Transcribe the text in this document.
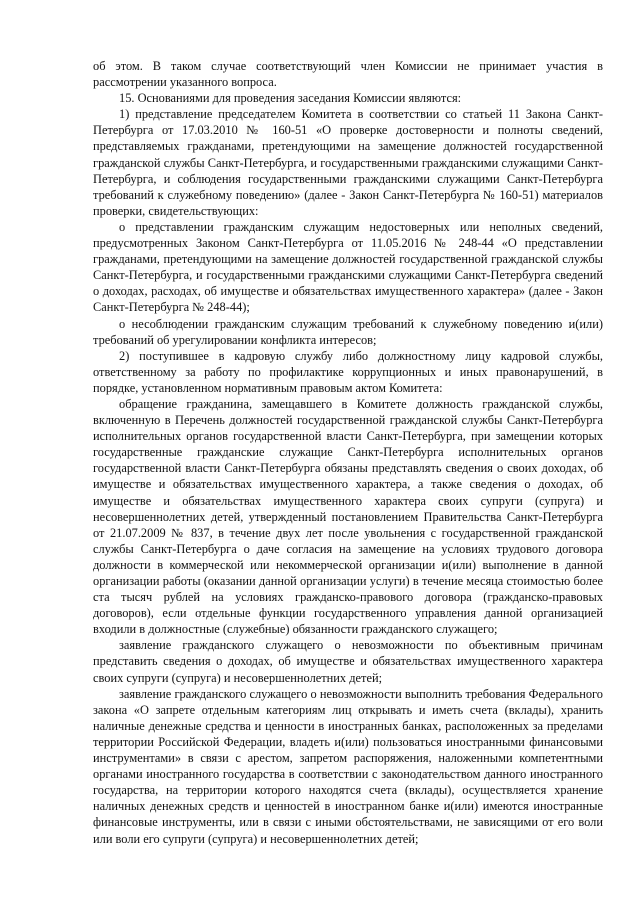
об этом. В таком случае соответствующий член Комиссии не принимает участия в рассмотрении указанного вопроса.

15. Основаниями для проведения заседания Комиссии являются:

1) представление председателем Комитета в соответствии со статьей 11 Закона Санкт-Петербурга от 17.03.2010 № 160-51 «О проверке достоверности и полноты сведений, представляемых гражданами, претендующими на замещение должностей государственной гражданской службы Санкт-Петербурга, и государственными гражданскими служащими Санкт-Петербурга, и соблюдения государственными гражданскими служащими Санкт-Петербурга требований к служебному поведению» (далее - Закон Санкт-Петербурга № 160-51) материалов проверки, свидетельствующих:

о представлении гражданским служащим недостоверных или неполных сведений, предусмотренных Законом Санкт-Петербурга от 11.05.2016 № 248-44 «О представлении гражданами, претендующими на замещение должностей государственной гражданской службы Санкт-Петербурга, и государственными гражданскими служащими Санкт-Петербурга сведений о доходах, расходах, об имуществе и обязательствах имущественного характера» (далее - Закон Санкт-Петербурга № 248-44);

о несоблюдении гражданским служащим требований к служебному поведению и(или) требований об урегулировании конфликта интересов;

2) поступившее в кадровую службу либо должностному лицу кадровой службы, ответственному за работу по профилактике коррупционных и иных правонарушений, в порядке, установленном нормативным правовым актом Комитета:

обращение гражданина, замещавшего в Комитете должность гражданской службы, включенную в Перечень должностей государственной гражданской службы Санкт-Петербурга исполнительных органов государственной власти Санкт-Петербурга, при замещении которых государственные гражданские служащие Санкт-Петербурга исполнительных органов государственной власти Санкт-Петербурга обязаны представлять сведения о своих доходах, об имуществе и обязательствах имущественного характера, а также сведения о доходах, об имуществе и обязательствах имущественного характера своих супруги (супруга) и несовершеннолетних детей, утвержденный постановлением Правительства Санкт-Петербурга от 21.07.2009 № 837, в течение двух лет после увольнения с государственной гражданской службы Санкт-Петербурга о даче согласия на замещение на условиях трудового договора должности в коммерческой или некоммерческой организации и(или) выполнение в данной организации работы (оказании данной организации услуги) в течение месяца стоимостью более ста тысяч рублей на условиях гражданско-правового договора (гражданско-правовых договоров), если отдельные функции государственного управления данной организацией входили в должностные (служебные) обязанности гражданского служащего;

заявление гражданского служащего о невозможности по объективным причинам представить сведения о доходах, об имуществе и обязательствах имущественного характера своих супруги (супруга) и несовершеннолетних детей;

заявление гражданского служащего о невозможности выполнить требования Федерального закона «О запрете отдельным категориям лиц открывать и иметь счета (вклады), хранить наличные денежные средства и ценности в иностранных банках, расположенных за пределами территории Российской Федерации, владеть и(или) пользоваться иностранными финансовыми инструментами» в связи с арестом, запретом распоряжения, наложенными компетентными органами иностранного государства в соответствии с законодательством данного иностранного государства, на территории которого находятся счета (вклады), осуществляется хранение наличных денежных средств и ценностей в иностранном банке и(или) имеются иностранные финансовые инструменты, или в связи с иными обстоятельствами, не зависящими от его воли или воли его супруги (супруга) и несовершеннолетних детей;
